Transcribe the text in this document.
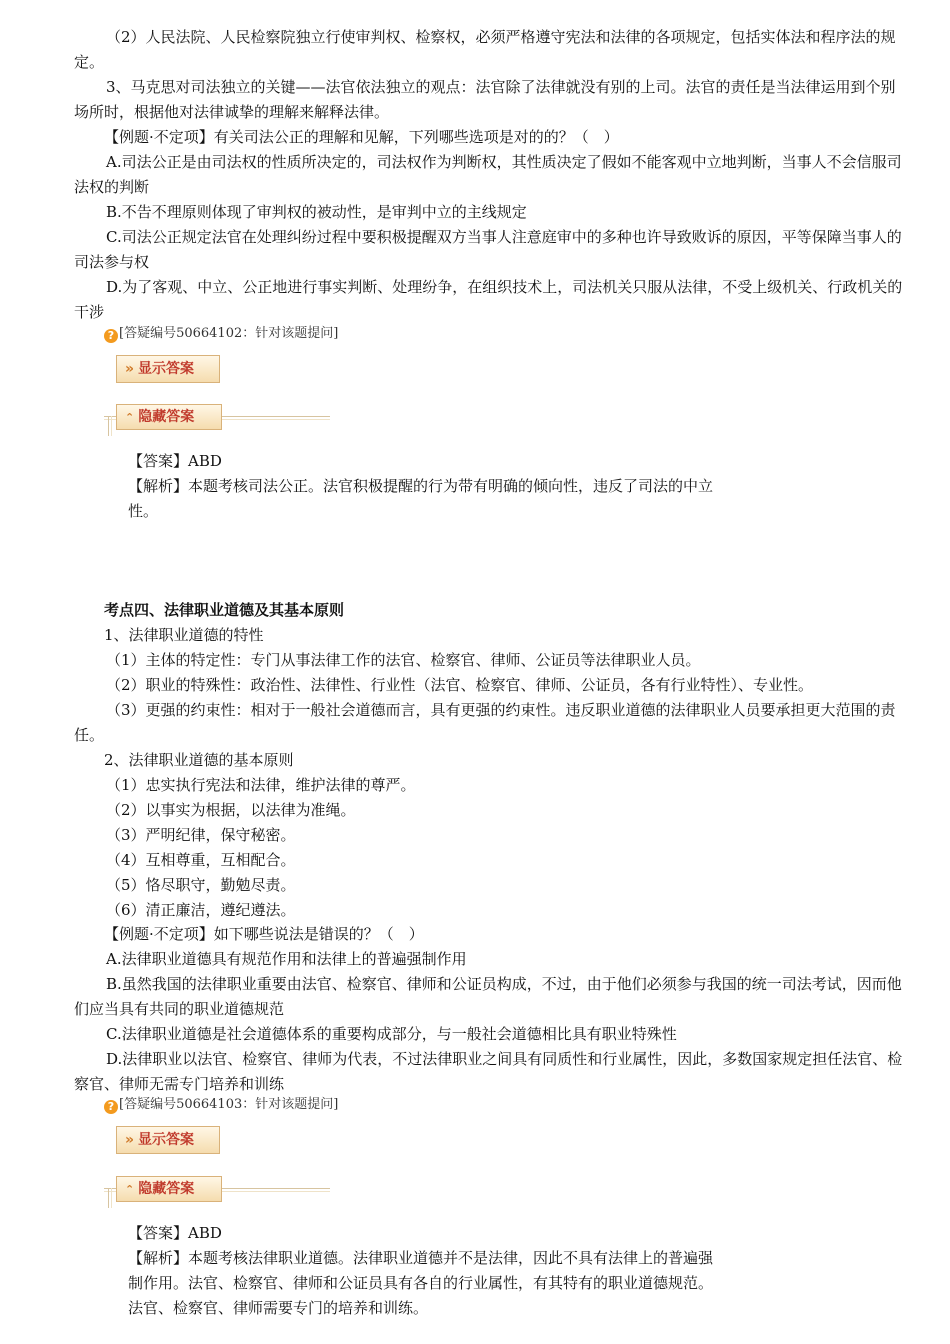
（2）人民法院、人民检察院独立行使审判权、检察权，必须严格遵守宪法和法律的各项规定，包括实体法和程序法的规定。
3、马克思对司法独立的关键——法官依法独立的观点：法官除了法律就没有别的上司。法官的责任是当法律运用到个别场所时，根据他对法律诚挚的理解来解释法律。
【例题·不定项】有关司法公正的理解和见解，下列哪些选项是对的的？（　）
A.司法公正是由司法权的性质所决定的，司法权作为判断权，其性质决定了假如不能客观中立地判断，当事人不会信服司法权的判断
B.不告不理原则体现了审判权的被动性，是审判中立的主线规定
C.司法公正规定法官在处理纠纷过程中要积极提醒双方当事人注意庭审中的多种也许导致败诉的原因，平等保障当事人的司法参与权
D.为了客观、中立、公正地进行事实判断、处理纷争，在组织技术上，司法机关只服从法律，不受上级机关、行政机关的干涉
? [答疑编号50664102：针对该题提问]
» 显示答案
⌃ 隐藏答案
【答案】ABD
【解析】本题考核司法公正。法官积极提醒的行为带有明确的倾向性，违反了司法的中立
性。
考点四、法律职业道德及其基本原则
1、法律职业道德的特性
（1）主体的特定性：专门从事法律工作的法官、检察官、律师、公证员等法律职业人员。
（2）职业的特殊性：政治性、法律性、行业性（法官、检察官、律师、公证员，各有行业特性）、专业性。
（3）更强的约束性：相对于一般社会道德而言，具有更强的约束性。违反职业道德的法律职业人员要承担更大范围的责任。
2、法律职业道德的基本原则
（1）忠实执行宪法和法律，维护法律的尊严。
（2）以事实为根据，以法律为准绳。
（3）严明纪律，保守秘密。
（4）互相尊重，互相配合。
（5）恪尽职守，勤勉尽责。
（6）清正廉洁，遵纪遵法。
【例题·不定项】如下哪些说法是错误的？（　）
A.法律职业道德具有规范作用和法律上的普遍强制作用
B.虽然我国的法律职业重要由法官、检察官、律师和公证员构成，不过，由于他们必须参与我国的统一司法考试，因而他们应当具有共同的职业道德规范
C.法律职业道德是社会道德体系的重要构成部分，与一般社会道德相比具有职业特殊性
D.法律职业以法官、检察官、律师为代表，不过法律职业之间具有同质性和行业属性，因此，多数国家规定担任法官、检察官、律师无需专门培养和训练
? [答疑编号50664103：针对该题提问]
» 显示答案
⌃ 隐藏答案
【答案】ABD
【解析】本题考核法律职业道德。法律职业道德并不是法律，因此不具有法律上的普遍强
制作用。法官、检察官、律师和公证员具有各自的行业属性，有其特有的职业道德规范。
法官、检察官、律师需要专门的培养和训练。
